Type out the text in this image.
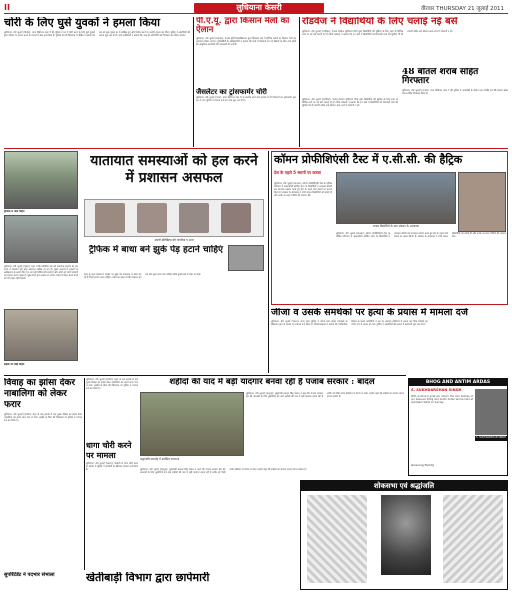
II	लुधियाना केसरी	वीरवार THURSDAY 21 जुलाई 2011
चोरी के लिए घुसे युवकों ने हमला किया
लुधियाना, 20 जुलाई (विनोद): थाना डिवीजन नंबर 3 की पुलिस ने घर में चोरी करने के लिए घुसे युवकों द्वारा परिवार पर हमला करने के मामले में केस दर्ज किया है। पुलिस को दी शिकायत में पीड़ित ने बताया कि रात को कुछ युवक घर में दाखिल हुए और विरोध करने पर उन्होंने हमला कर दिया। पुलिस ने आरोपियों की तलाश शुरू कर दी है। जांच अधिकारी ने बताया कि जल्द ही आरोपियों को गिरफ्तार कर लिया जाएगा।
पी.ए.यू. द्वारा किसान मेलों का ऐलान
लुधियाना, 20 जुलाई (सहगल): पंजाब कृषि विश्वविद्यालय द्वारा सितम्बर माह में विभिन्न स्थानों पर किसान मेलों का आयोजन किया जाएगा। यूनिवर्सिटी के अधिकारियों ने बताया कि मेलों में किसानों को नई किस्मों के बीज तथा खेती की आधुनिक तकनीकों की जानकारी दी जाएगी।
जैसलेटर का ट्रांसफार्मर चोरी
लुधियाना, 20 जुलाई (गगन): थाना डिवीजन नंबर 5 के अंतर्गत आने वाले इलाके से चोर बिजली का ट्रांसफार्मर चुरा कर ले गए। पुलिस ने मामला दर्ज कर जांच शुरू कर दी है।
रोडवेज ने विद्यार्थियों के लिए चलाई नई बसें
लुधियाना, 20 जुलाई (परमिंदर): पंजाब रोडवेज लुधियाना डिपो द्वारा विद्यार्थियों की सुविधा के लिए शहर के विभिन्न रूटों पर नई बसें चलाई गई हैं। डिपो प्रबंधक ने बताया कि इन बसों में विद्यार्थियों को रियायती पास की सुविधा भी दी जाएगी ताकि उन्हें कॉलेज आने-जाने में परेशानी न हो।
48 बोतलें शराब सहित गिरफ्तार
लुधियाना, 20 जुलाई (राजेश): थाना डिवीजन नंबर 7 की पुलिस ने नाकाबंदी के दौरान एक व्यक्ति को 48 बोतलें अवैध शराब सहित गिरफ्तार किया है।
लुधियाना, 20 जुलाई (परमिंदर): पंजाब रोडवेज लुधियाना डिपो द्वारा विद्यार्थियों की सुविधा के लिए शहर के विभिन्न रूटों पर नई बसें चलाई गई हैं। डिपो प्रबंधक ने बताया कि इन बसों में विद्यार्थियों को रियायती पास की सुविधा भी दी जाएगी ताकि उन्हें कॉलेज आने-जाने में परेशानी न हो।
यातायात समस्याओं को हल करने में प्रशासन असफल
ट्रैफिक में फंसे वाहन
सड़क पर खड़े वाहन
लुधियाना, 20 जुलाई (भूपेश): शहर में दिन-प्रतिदिन बढ़ रही यातायात समस्या को हल करने में प्रशासन पूरी तरह असफल साबित हो रहा है। मुख्य बाजारों में सड़कों पर अतिक्रमण के कारण दिन भर जाम की स्थिति बनी रहती है और लोगों को भारी परेशानी का सामना करना पड़ता है। दुकानदारों द्वारा सड़क पर सामान रखने से पैदल चलने वालों को भी रास्ता नहीं मिलता।
अपनी प्रतिक्रिया देते नागरिक व अन्य
ट्रैफिक में बाधा बने झुके पेड़ हटाने चाहिएं
शहर के कई इलाकों में सड़कों पर झुके पेड़ यातायात में बाधा बन रहे हैं जिन्हें हटाया जाना चाहिए। लोगों का कहना है कि प्रशासन को इस ओर तुरंत ध्यान देना चाहिए ताकि दुर्घटनाओं से बचा जा सके।
कॉमन प्रोफीशिएंसी टैस्ट में ए.सी.सी. की हैट्रिक
देश के पहले 5 स्थानों पर कब्जा
लुधियाना, 20 जुलाई (बाजवा): कॉमन प्रोफीशिएंसी टैस्ट के घोषित परिणाम में अकाउंटेंसी कोचिंग सेंटर के विद्यार्थियों ने लगातार तीसरी बार शानदार प्रदर्शन करते हुए देश के पहले पांच स्थानों पर कब्जा किया है। संस्थान के संचालक ने सभी सफल विद्यार्थियों को बधाई दी और उनके उज्ज्वल भविष्य की कामना की।
सफल विद्यार्थियों के साथ संस्थान के अध्यापक
लुधियाना, 20 जुलाई (बाजवा): कॉमन प्रोफीशिएंसी टैस्ट के घोषित परिणाम में अकाउंटेंसी कोचिंग सेंटर के विद्यार्थियों ने लगातार तीसरी बार शानदार प्रदर्शन करते हुए देश के पहले पांच स्थानों पर कब्जा किया है। संस्थान के संचालक ने सभी सफल विद्यार्थियों को बधाई दी और उनके उज्ज्वल भविष्य की कामना की।
जीजा व उसके समर्थकों पर हत्या के प्रयास में मामला दर्ज
लुधियाना, 20 जुलाई (पंकज): थाना सदर पुलिस ने जीजा तथा उसके समर्थकों के खिलाफ हत्या के प्रयास का मामला दर्ज किया है। शिकायतकर्ता ने बताया कि पारिवारिक विवाद के चलते आरोपियों ने उस पर तेजधार हथियारों से हमला कर दिया जिससे वह गंभीर रूप से घायल हो गया। पुलिस ने आरोपियों की तलाश में छापेमारी शुरू कर दी है।
विवाह का झांसा देकर नाबालिगा को लेकर फरार
लुधियाना, 20 जुलाई (संजीव): शहर के एक इलाके से एक युवक विवाह का झांसा देकर नाबालिगा को अपने साथ भगा ले गया। लड़की के पिता की शिकायत पर पुलिस ने मामला दर्ज कर लिया है।
धागा चोरी करने पर मामला
लुधियाना, 20 जुलाई (पंकज): फैक्टरी से धागा चोरी करने के आरोप में पुलिस ने कर्मचारी के खिलाफ मामला दर्ज किया है।
लुधियाना, 20 जुलाई (संजीव): शहर के एक इलाके से एक युवक विवाह का झांसा देकर नाबालिगा को अपने साथ भगा ले गया। लड़की के पिता की शिकायत पर पुलिस ने मामला दर्ज कर लिया है।
शहीदों की याद में बड़ी यादगार बनवा रही है पंजाब सरकार : बादल
श्रद्धांजलि समारोह में उपस्थित गणमान्य
लुधियाना, 20 जुलाई (सलूजा): मुख्यमंत्री प्रकाश सिंह बादल ने कहा कि पंजाब सरकार देश की आजादी के लिए कुर्बानियां देने वाले शहीदों की याद में बड़ी यादगार बनवा रही है ताकि नई पीढ़ी उनके बलिदान से प्रेरणा ले सके। उन्होंने कहा कि शहीदों का सम्मान करना हमारा कर्तव्य है।
लुधियाना, 20 जुलाई (सलूजा): मुख्यमंत्री प्रकाश सिंह बादल ने कहा कि पंजाब सरकार देश की आजादी के लिए कुर्बानियां देने वाले शहीदों की याद में बड़ी यादगार बनवा रही है ताकि नई पीढ़ी उनके बलिदान से प्रेरणा ले सके। उन्होंने कहा कि शहीदों का सम्मान करना हमारा कर्तव्य है।
खेतीबाड़ी विभाग द्वारा छापेमारी
सुपरिंटेंडेंट ने पदभार संभाला
BHOG AND ANTIM ARDAS
S. SUKHDARSHAN SINGH
With profound grief we inform the sad demise of our beloved. Bhog and Antim Ardas will be held at Gurdwara Sahib on Sunday.
S. SUKHDARSHAN SINGH
Grieving Family
शोकसभा एवं श्रद्धांजलि
